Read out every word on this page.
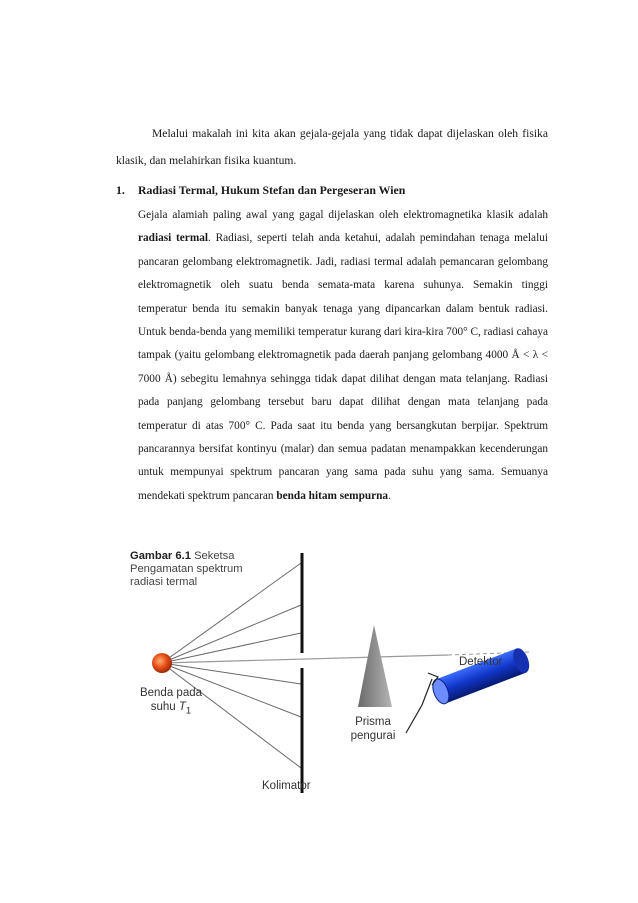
Melalui makalah ini kita akan gejala-gejala yang tidak dapat dijelaskan oleh fisika klasik, dan melahirkan fisika kuantum.

1. Radiasi Termal, Hukum Stefan dan Pergeseran Wien

Gejala alamiah paling awal yang gagal dijelaskan oleh elektromagnetika klasik adalah radiasi termal. Radiasi, seperti telah anda ketahui, adalah pemindahan tenaga melalui pancaran gelombang elektromagnetik. Jadi, radiasi termal adalah pemancaran gelombang elektromagnetik oleh suatu benda semata-mata karena suhunya. Semakin tinggi temperatur benda itu semakin banyak tenaga yang dipancarkan dalam bentuk radiasi. Untuk benda-benda yang memiliki temperatur kurang dari kira-kira 700° C, radiasi cahaya tampak (yaitu gelombang elektromagnetik pada daerah panjang gelombang 4000 Å < λ < 7000 Å) sebegitu lemahnya sehingga tidak dapat dilihat dengan mata telanjang. Radiasi pada panjang gelombang tersebut baru dapat dilihat dengan mata telanjang pada temperatur di atas 700° C. Pada saat itu benda yang bersangkutan berpijar. Spektrum pancarannya bersifat kontinyu (malar) dan semua padatan menampakkan kecenderungan untuk mempunyai spektrum pancaran yang sama pada suhu yang sama. Semuanya mendekati spektrum pancaran benda hitam sempurna.

Gambar 6.1 Seketsa Pengamatan spektrum radiasi termal

Benda pada
suhu $T_1$
Prisma
pengurai
Detektor
Kolimator
